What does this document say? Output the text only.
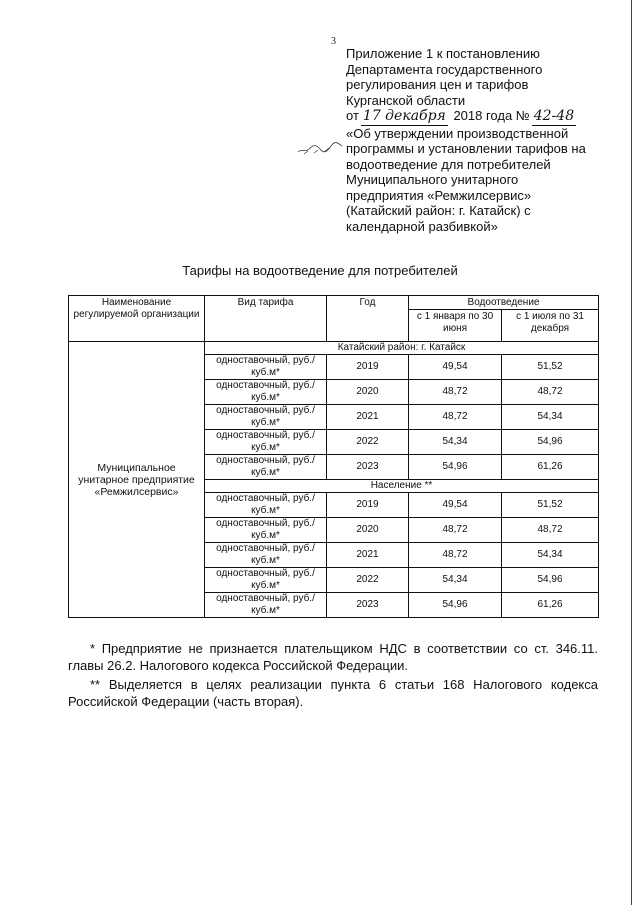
3
Приложение 1 к постановлению
Департамента государственного
регулирования цен и тарифов
Курганской области
от 17 декабря 2018 года № 42-48
«Об утверждении производственной
программы и установлении тарифов на
водоотведение для потребителей
Муниципального унитарного
предприятия «Ремжилсервис»
(Катайский район: г. Катайск) с
календарной разбивкой»
Тарифы на водоотведение для потребителей
Наименование регулируемой организации	Вид тарифа	Год	Водоотведение	
			с 1 января по 30 июня	с 1 июля по 31 декабря
Муниципальное унитарное предприятие «Ремжилсервис»	Катайский район: г. Катайск			
	одноставочный, руб./куб.м*	2019	49,54	51,52
	одноставочный, руб./куб.м*	2020	48,72	48,72
	одноставочный, руб./куб.м*	2021	48,72	54,34
	одноставочный, руб./куб.м*	2022	54,34	54,96
	одноставочный, руб./куб.м*	2023	54,96	61,26
	Население **			
	одноставочный, руб./куб.м*	2019	49,54	51,52
	одноставочный, руб./куб.м*	2020	48,72	48,72
	одноставочный, руб./куб.м*	2021	48,72	54,34
	одноставочный, руб./куб.м*	2022	54,34	54,96
	одноставочный, руб./куб.м*	2023	54,96	61,26

* Предприятие не признается плательщиком НДС в соответствии со ст. 346.11. главы 26.2. Налогового кодекса Российской Федерации.

** Выделяется в целях реализации пункта 6 статьи 168 Налогового кодекса Российской Федерации (часть вторая).
